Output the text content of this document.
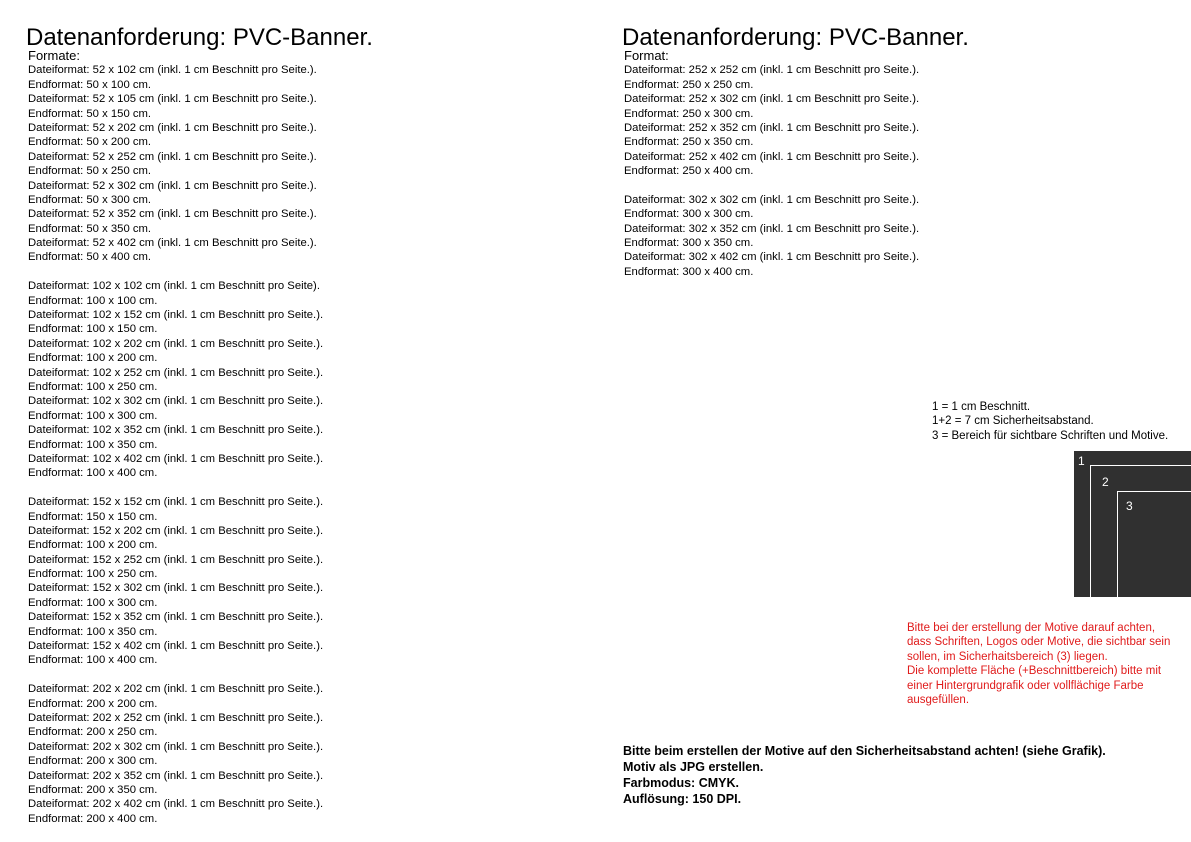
Datenanforderung: PVC-Banner.
Formate:
Dateiformat: 52 x 102 cm (inkl. 1 cm Beschnitt pro Seite.).
Endformat: 50 x 100 cm.
Dateiformat: 52 x 105 cm (inkl. 1 cm Beschnitt pro Seite.).
Endformat: 50 x 150 cm.
Dateiformat: 52 x 202 cm (inkl. 1 cm Beschnitt pro Seite.).
Endformat: 50 x 200 cm.
Dateiformat: 52 x 252 cm (inkl. 1 cm Beschnitt pro Seite.).
Endformat: 50 x 250 cm.
Dateiformat: 52 x 302 cm (inkl. 1 cm Beschnitt pro Seite.).
Endformat: 50 x 300 cm.
Dateiformat: 52 x 352 cm (inkl. 1 cm Beschnitt pro Seite.).
Endformat: 50 x 350 cm.
Dateiformat: 52 x 402 cm (inkl. 1 cm Beschnitt pro Seite.).
Endformat: 50 x 400 cm.
Dateiformat: 102 x 102 cm (inkl. 1 cm Beschnitt pro Seite).
Endformat: 100 x 100 cm.
Dateiformat: 102 x 152 cm (inkl. 1 cm Beschnitt pro Seite.).
Endformat: 100 x 150 cm.
Dateiformat: 102 x 202 cm (inkl. 1 cm Beschnitt pro Seite.).
Endformat: 100 x 200 cm.
Dateiformat: 102 x 252 cm (inkl. 1 cm Beschnitt pro Seite.).
Endformat: 100 x 250 cm.
Dateiformat: 102 x 302 cm (inkl. 1 cm Beschnitt pro Seite.).
Endformat: 100 x 300 cm.
Dateiformat: 102 x 352 cm (inkl. 1 cm Beschnitt pro Seite.).
Endformat: 100 x 350 cm.
Dateiformat: 102 x 402 cm (inkl. 1 cm Beschnitt pro Seite.).
Endformat: 100 x 400 cm.
Dateiformat: 152 x 152 cm (inkl. 1 cm Beschnitt pro Seite.).
Endformat: 150 x 150 cm.
Dateiformat: 152 x 202 cm (inkl. 1 cm Beschnitt pro Seite.).
Endformat: 100 x 200 cm.
Dateiformat: 152 x 252 cm (inkl. 1 cm Beschnitt pro Seite.).
Endformat: 100 x 250 cm.
Dateiformat: 152 x 302 cm (inkl. 1 cm Beschnitt pro Seite.).
Endformat: 100 x 300 cm.
Dateiformat: 152 x 352 cm (inkl. 1 cm Beschnitt pro Seite.).
Endformat: 100 x 350 cm.
Dateiformat: 152 x 402 cm (inkl. 1 cm Beschnitt pro Seite.).
Endformat: 100 x 400 cm.
Dateiformat: 202 x 202 cm (inkl. 1 cm Beschnitt pro Seite.).
Endformat: 200 x 200 cm.
Dateiformat: 202 x 252 cm (inkl. 1 cm Beschnitt pro Seite.).
Endformat: 200 x 250 cm.
Dateiformat: 202 x 302 cm (inkl. 1 cm Beschnitt pro Seite.).
Endformat: 200 x 300 cm.
Dateiformat: 202 x 352 cm (inkl. 1 cm Beschnitt pro Seite.).
Endformat: 200 x 350 cm.
Dateiformat: 202 x 402 cm (inkl. 1 cm Beschnitt pro Seite.).
Endformat: 200 x 400 cm.
Datenanforderung: PVC-Banner.
Format:
Dateiformat: 252 x 252 cm (inkl. 1 cm Beschnitt pro Seite.).
Endformat: 250 x 250 cm.
Dateiformat: 252 x 302 cm (inkl. 1 cm Beschnitt pro Seite.).
Endformat: 250 x 300 cm.
Dateiformat: 252 x 352 cm (inkl. 1 cm Beschnitt pro Seite.).
Endformat: 250 x 350 cm.
Dateiformat: 252 x 402 cm (inkl. 1 cm Beschnitt pro Seite.).
Endformat: 250 x 400 cm.
Dateiformat: 302 x 302 cm (inkl. 1 cm Beschnitt pro Seite.).
Endformat: 300 x 300 cm.
Dateiformat: 302 x 352 cm (inkl. 1 cm Beschnitt pro Seite.).
Endformat: 300 x 350 cm.
Dateiformat: 302 x 402 cm (inkl. 1 cm Beschnitt pro Seite.).
Endformat: 300 x 400 cm.
1 = 1 cm Beschnitt.
1+2 = 7 cm Sicherheitsabstand.
3 = Bereich für sichtbare Schriften und Motive.
1
2
3
Bitte bei der erstellung der Motive darauf achten,
dass Schriften, Logos oder Motive, die sichtbar sein
sollen, im Sicherhaitsbereich (3) liegen.
Die komplette Fläche (+Beschnittbereich) bitte mit
einer Hintergrundgrafik oder vollflächige Farbe
ausgefüllen.
Bitte beim erstellen der Motive auf den Sicherheitsabstand achten! (siehe Grafik).
Motiv als JPG erstellen.
Farbmodus: CMYK.
Auflösung: 150 DPI.
